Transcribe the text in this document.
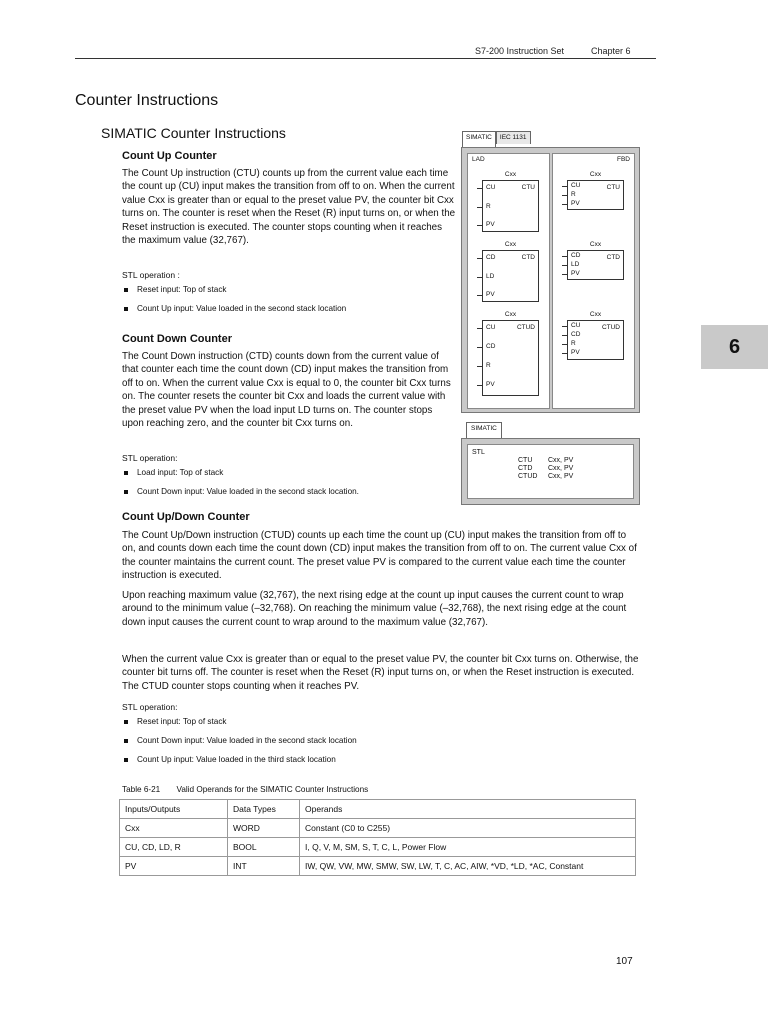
S7-200 Instruction Set	Chapter 6
Counter Instructions
SIMATIC Counter Instructions
Count Up Counter

The Count Up instruction (CTU) counts up from the current value each time the count up (CU) input makes the transition from off to on. When the current value Cxx is greater than or equal to the preset value PV, the counter bit Cxx turns on. The counter is reset when the Reset (R) input turns on, or when the Reset instruction is executed. The counter stops counting when it reaches the maximum value (32,767).

STL operation :
Reset input: Top of stack
Count Up input: Value loaded in the second stack location
Count Down Counter

The Count Down instruction (CTD) counts down from the current value of that counter each time the count down (CD) input makes the transition from off to on. When the current value Cxx is equal to 0, the counter bit Cxx turns on. The counter resets the counter bit Cxx and loads the current value with the preset value PV when the load input LD turns on. The counter stops upon reaching zero, and the counter bit Cxx turns on.

STL operation:
Load input: Top of stack
Count Down input: Value loaded in the second stack location.
Count Up/Down Counter

The Count Up/Down instruction (CTUD) counts up each time the count up (CU) input makes the transition from off to on, and counts down each time the count down (CD) input makes the transition from off to on. The current value Cxx of the counter maintains the current count. The preset value PV is compared to the current value each time the counter instruction is executed.

Upon reaching maximum value (32,767), the next rising edge at the count up input causes the current count to wrap around to the minimum value (–32,768). On reaching the minimum value (–32,768), the next rising edge at the count down input causes the current count to wrap around to the maximum value (32,767).

When the current value Cxx is greater than or equal to the preset value PV, the counter bit Cxx turns on. Otherwise, the counter bit turns off. The counter is reset when the Reset (R) input turns on, or when the Reset instruction is executed. The CTUD counter stops counting when it reaches PV.

STL operation:
Reset input: Top of stack
Count Down input: Value loaded in the second stack location
Count Up input: Value loaded in the third stack location
SIMATIC	IEC 1131
LAD
Cxx
CTU
CU
R
PV
Cxx
CTD
CD
LD
PV
Cxx
CTUD
CU
CD
R
PV
FBD
Cxx
CTU
CU
R
PV
Cxx
CTD
CD
LD
PV
Cxx
CTUD
CU
CD
R
PV
SIMATIC
STL
CTU Cxx, PV
CTD Cxx, PV
CTUD Cxx, PV
6
Table 6-21 Valid Operands for the SIMATIC Counter Instructions
Inputs/Outputs	Data Types	Operands
Cxx	WORD	Constant (C0 to C255)
CU, CD, LD, R	BOOL	I, Q, V, M, SM, S, T, C, L, Power Flow
PV	INT	IW, QW, VW, MW, SMW, SW, LW, T, C, AC, AIW, *VD, *LD, *AC, Constant
107
